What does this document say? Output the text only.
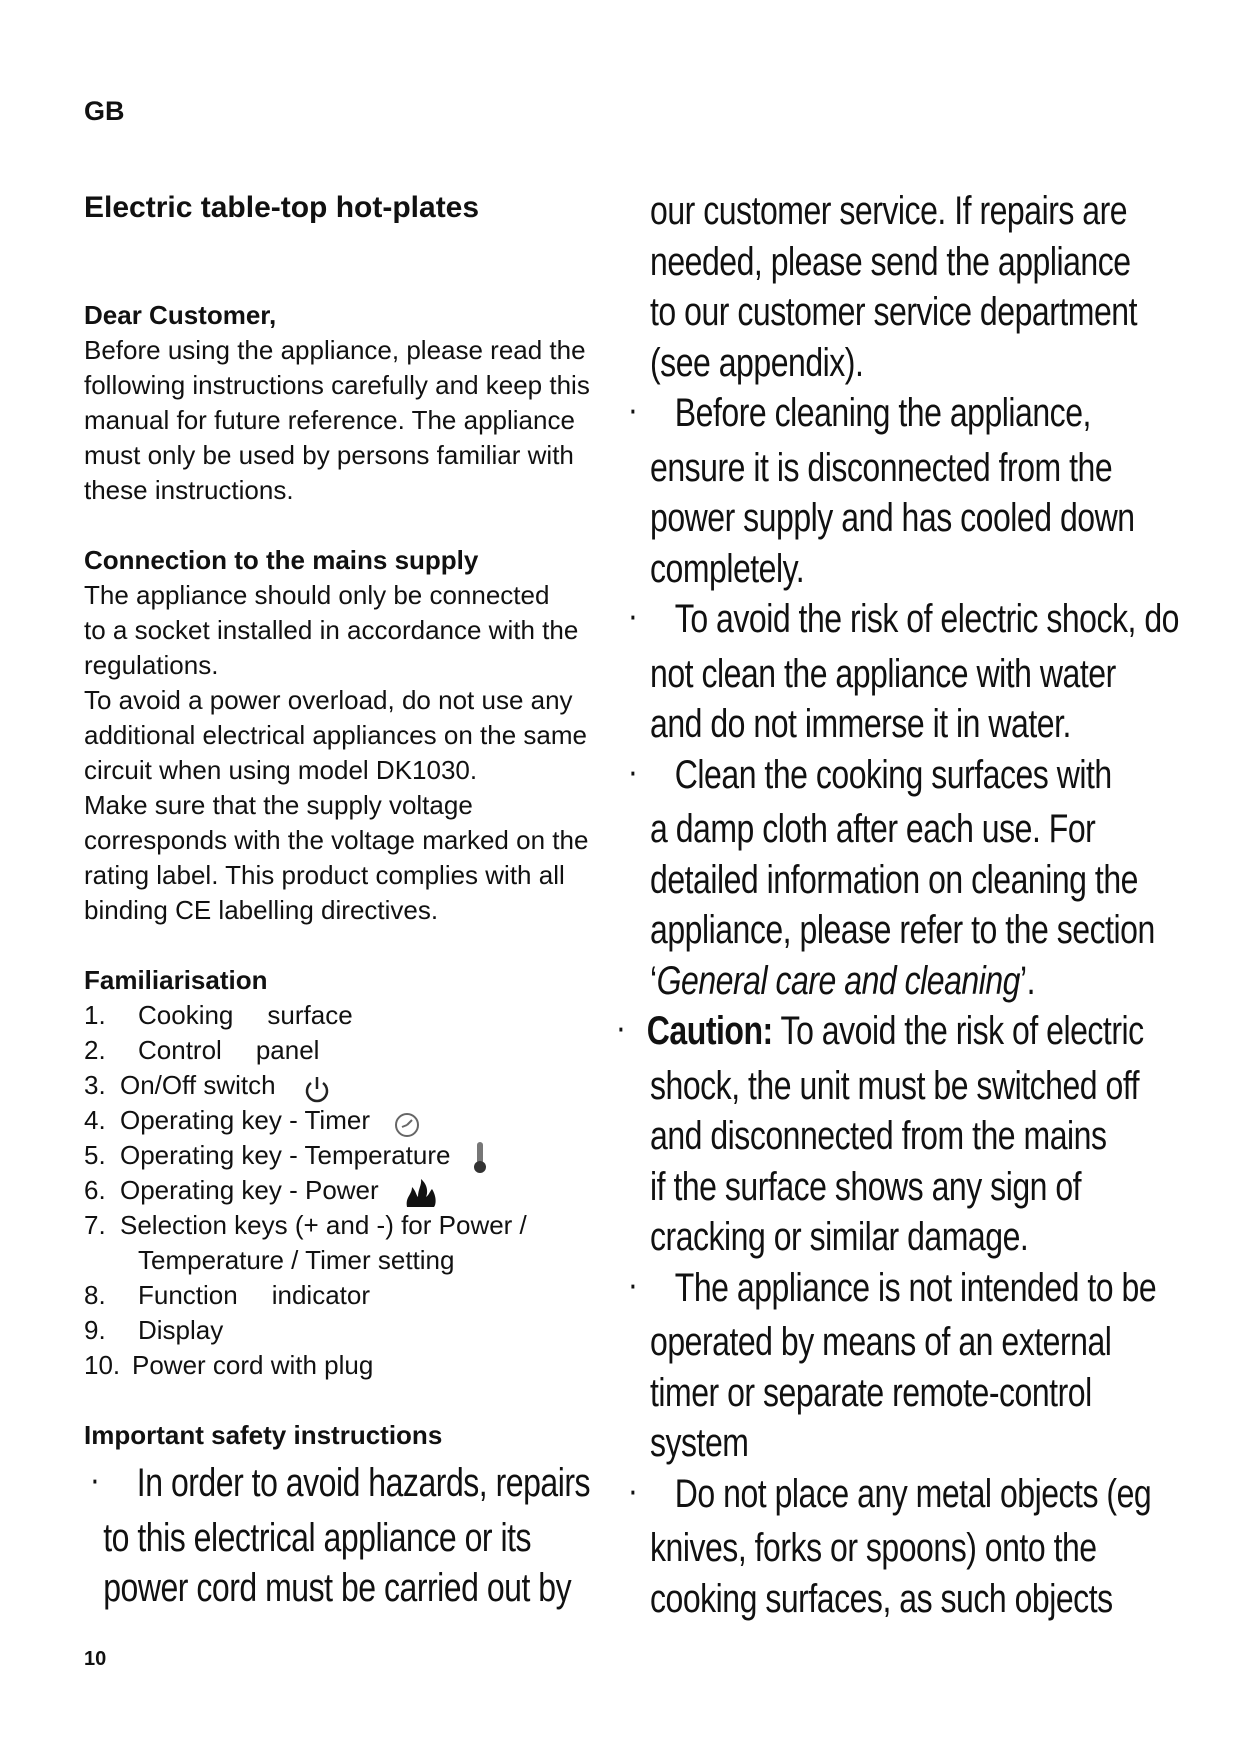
GB
Electric table-top hot-plates
Dear Customer,
Before using the appliance, please read the
following instructions carefully and keep this
manual for future reference. The appliance
must only be used by persons familiar with
these instructions.
Connection to the mains supply
The appliance should only be connected
to a socket installed in accordance with the
regulations.
To avoid a power overload, do not use any
additional electrical appliances on the same
circuit when using model DK1030.
Make sure that the supply voltage
corresponds with the voltage marked on the
rating label. This product complies with all
binding CE labelling directives.
Familiarisation
1. Cooking surface
2. Control panel
3. On/Off switch
4. Operating key - Timer
5. Operating key - Temperature
6. Operating key - Power
7. Selection keys (+ and -) for Power /
Temperature / Timer setting
8. Function indicator
9. Display
10. Power cord with plug
Important safety instructions
· In order to avoid hazards, repairs
to this electrical appliance or its
power cord must be carried out by
our customer service. If repairs are
needed, please send the appliance
to our customer service department
(see appendix).
· Before cleaning the appliance,
ensure it is disconnected from the
power supply and has cooled down
completely.
· To avoid the risk of electric shock, do
not clean the appliance with water
and do not immerse it in water.
· Clean the cooking surfaces with
a damp cloth after each use. For
detailed information on cleaning the
appliance, please refer to the section
‘General care and cleaning’.
· Caution: To avoid the risk of electric
shock, the unit must be switched off
and disconnected from the mains
if the surface shows any sign of
cracking or similar damage.
· The appliance is not intended to be
operated by means of an external
timer or separate remote-control
system
· Do not place any metal objects (eg
knives, forks or spoons) onto the
cooking surfaces, as such objects
10
